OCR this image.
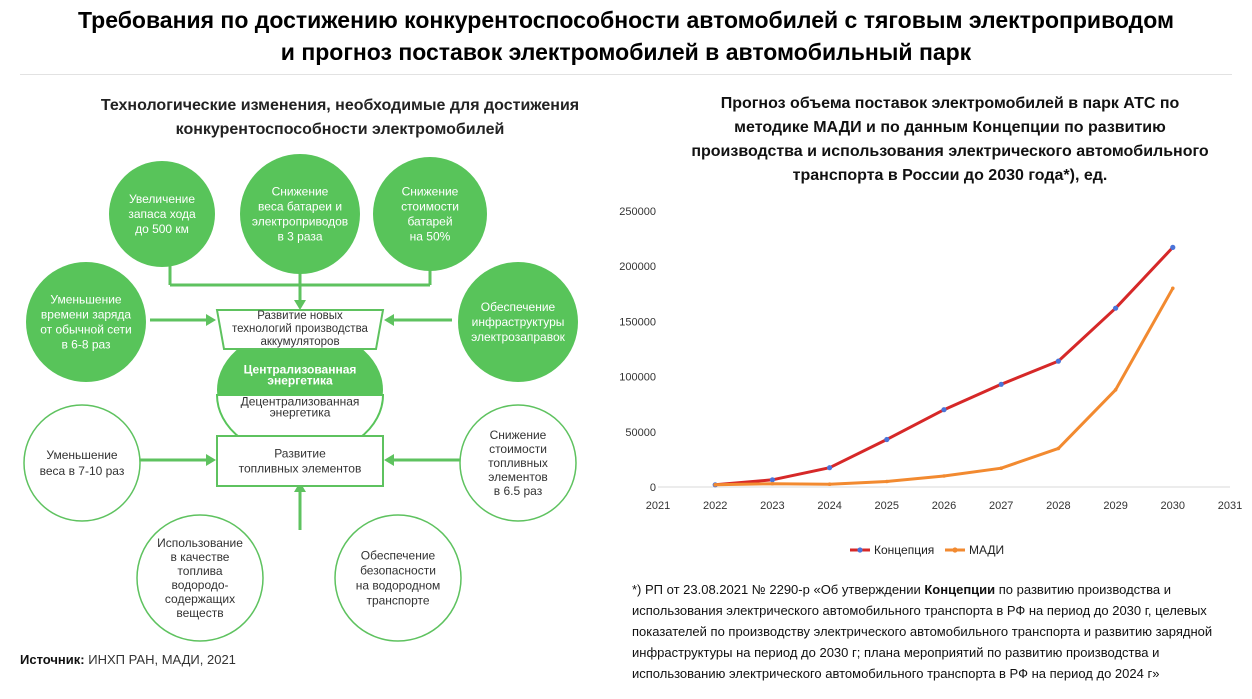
Требования по достижению конкурентоспособности автомобилей с тяговым электроприводом
и прогноз поставок электромобилей в автомобильный парк
Технологические изменения, необходимые для достижения
конкурентоспособности электромобилей
Увеличение
запаса хода
до 500 км
Снижение
веса батареи и
электроприводов
в 3 раза
Снижение
стоимости
батарей
на 50%
Уменьшение
времени заряда
от обычной сети
в 6-8 раз
Обеспечение
инфраструктуры
электрозаправок
Уменьшение
веса в 7-10 раз
Снижение
стоимости
топливных
элементов
в 6.5 раз
Использование
в качестве
топлива
водородо-
содержащих
веществ
Обеспечение
безопасности
на водородном
транспорте
Развитие новых
технологий производства
аккумуляторов
Централизованная
энергетика
Децентрализованная
энергетика
Развитие
топливных элементов
Источник: ИНХП РАН, МАДИ, 2021
Прогноз объема поставок электромобилей в парк АТС по
методике МАДИ и по данным Концепции по развитию
производства и использования электрического автомобильного
транспорта в России до 2030 года*), ед.
0
50000
100000
150000
200000
250000
2021	2022	2023	2024	2025	2026	2027	2028	2029	2030	2031
Концепция	МАДИ
*) РП от 23.08.2021 № 2290-р «Об утверждении Концепции по развитию производства и использования электрического автомобильного транспорта в РФ на период до 2030 г, целевых показателей по производству электрического автомобильного транспорта и развитию зарядной инфраструктуры на период до 2030 г; плана мероприятий по развитию производства и использованию электрического автомобильного транспорта в РФ на период до 2024 г»
